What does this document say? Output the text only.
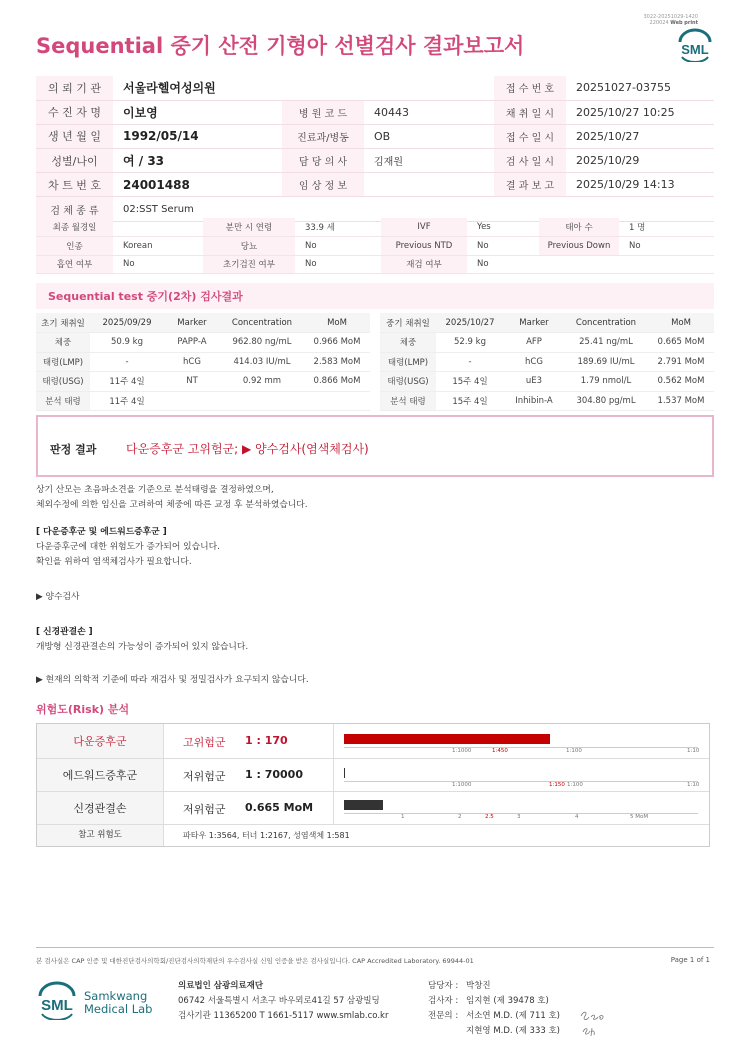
3022-20251029-1420
220024 Web print
Sequential 중기 산전 기형아 선별검사 결과보고서	SML
의 뢰 기 관	서울라헬여성의원			접 수 번 호	20251027-03755
수 진 자 명	이보영	병 원 코 드	40443	채 취 일 시	2025/10/27 10:25
생 년 월 일	1992/05/14	진료과/병동	OB	접 수 일 시	2025/10/27
성별/나이	여 / 33	담 당 의 사	김재원	검 사 일 시	2025/10/29
차 트 번 호	24001488	임 상 정 보		결 과 보 고	2025/10/29 14:13
검 체 종 류	02:SST Serum				
최종 월경일		분만 시 연령	33.9 세	IVF	Yes	태아 수	1 명
인종	Korean	당뇨	No	Previous NTD	No	Previous Down	No
흡연 여부	No	초기검진 여부	No	재검 여부	No		
Sequential test 중기(2차) 검사결과
초기 채취일	2025/09/29	Marker	Concentration	MoM
체중	50.9 kg	PAPP-A	962.80 ng/mL	0.966 MoM
태령(LMP)	-	hCG	414.03 IU/mL	2.583 MoM
태령(USG)	11주 4일	NT	0.92 mm	0.866 MoM
분석 태령	11주 4일			
중기 채취일	2025/10/27	Marker	Concentration	MoM
체중	52.9 kg	AFP	25.41 ng/mL	0.665 MoM
태령(LMP)	-	hCG	189.69 IU/mL	2.791 MoM
태령(USG)	15주 4일	uE3	1.79 nmol/L	0.562 MoM
분석 태령	15주 4일	Inhibin-A	304.80 pg/mL	1.537 MoM
판정 결과 다운증후군 고위험군; ▶ 양수검사(염색체검사)
상기 산모는 초음파소견을 기준으로 분석태령을 결정하였으며,
체외수정에 의한 임신을 고려하여 체중에 따른 교정 후 분석하였습니다.
[ 다운증후군 및 에드워드증후군 ]
다운증후군에 대한 위험도가 증가되어 있습니다.
확인을 위하여 염색체검사가 필요합니다.
▶ 양수검사
[ 신경관결손 ]
개방형 신경관결손의 가능성이 증가되어 있지 않습니다.
▶ 현재의 의학적 기준에 따라 재검사 및 정밀검사가 요구되지 않습니다.
위험도(Risk) 분석
다운증후군	고위험군 1 : 170
1:1000	1:450	1:100	1:10
에드워드증후군	저위험군 1 : 70000
1:1000	1:150 1:100	1:10
신경관결손	저위험군 0.665 MoM
1	2	2.5	3	4	5 MoM
참고 위험도	파타우 1:3564, 터너 1:2167, 성염색체 1:581
본 검사실은 CAP 인증 및 대한진단검사의학회/진단검사의학재단의 우수검사실 신임 인증을 받은 검사실입니다. CAP Accredited Laboratory. 69944-01	Page 1 of 1
SML
Samkwang
Medical Lab
의료법인 삼광의료재단
06742 서울특별시 서초구 바우뫼로41길 57 삼광빌딩
검사기관 11365200 T 1661-5117 www.smlab.co.kr
담당자 : 박창진
검사자 : 임지현 (제 39478 호)
전문의 : 서소연 M.D. (제 711 호)
지현영 M.D. (제 333 호)
